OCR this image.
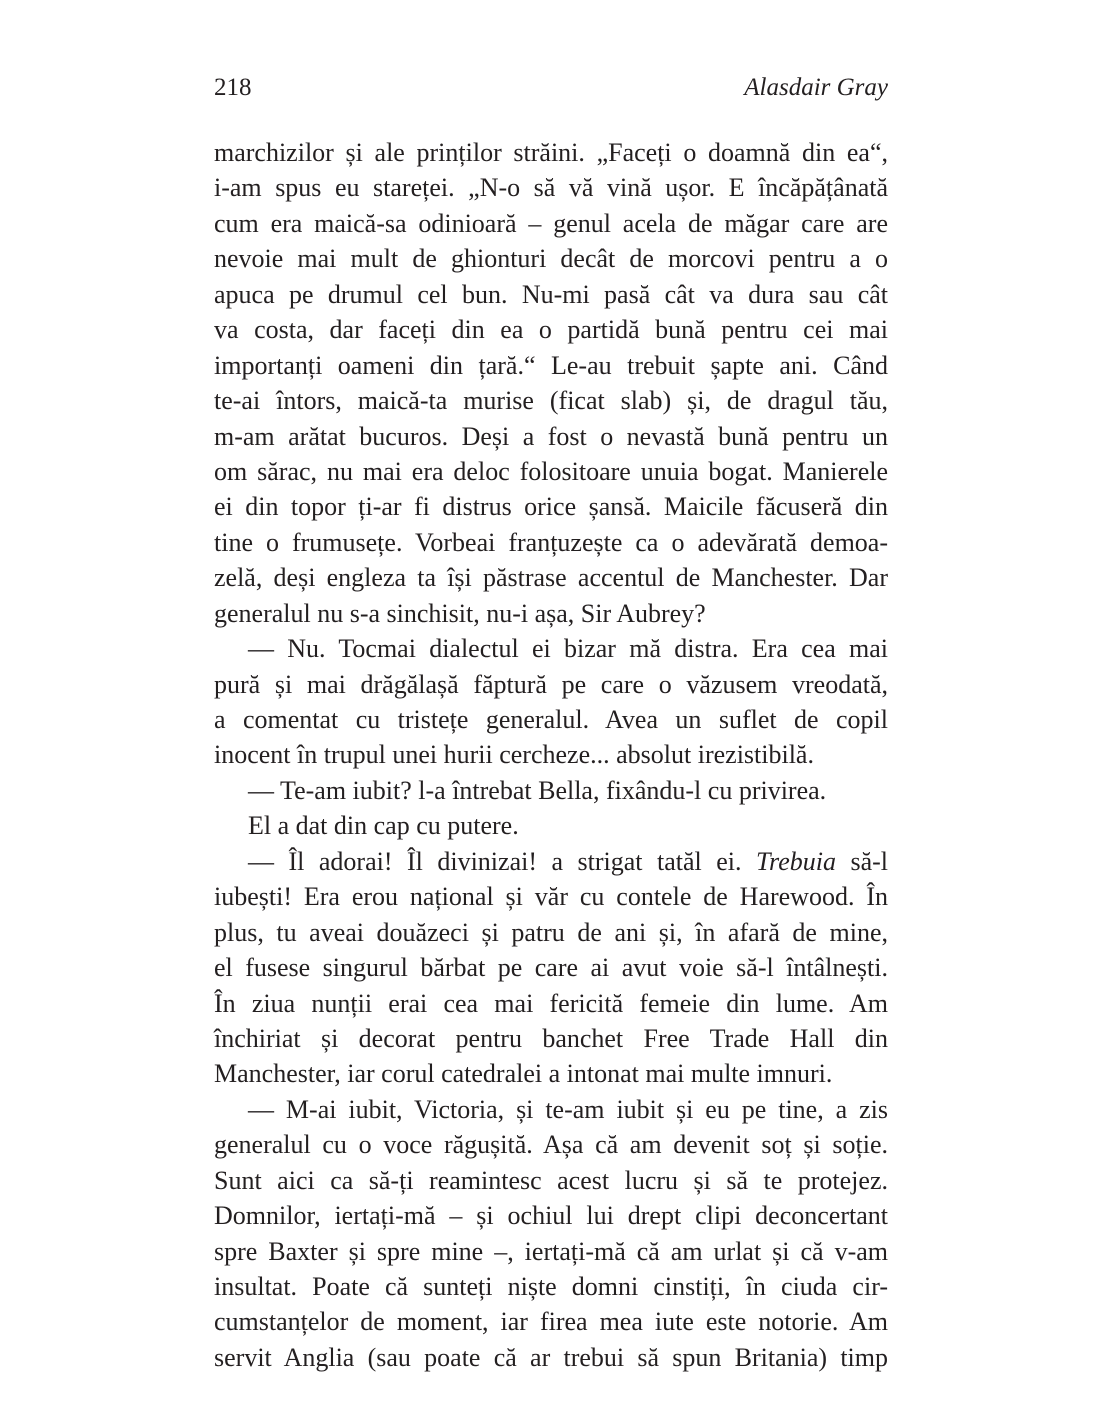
218	Alasdair Gray
marchizilor și ale prinților străini. „Faceți o doamnă din ea“,
i-am spus eu stareței. „N-o să vă vină ușor. E încăpățânată
cum era maică-sa odinioară – genul acela de măgar care are
nevoie mai mult de ghionturi decât de morcovi pentru a o
apuca pe drumul cel bun. Nu-mi pasă cât va dura sau cât
va costa, dar faceți din ea o partidă bună pentru cei mai
importanți oameni din țară.“ Le-au trebuit șapte ani. Când
te-ai întors, maică-ta murise (ficat slab) și, de dragul tău,
m-am arătat bucuros. Deși a fost o nevastă bună pentru un
om sărac, nu mai era deloc folositoare unuia bogat. Manierele
ei din topor ți-ar fi distrus orice șansă. Maicile făcuseră din
tine o frumusețe. Vorbeai franțuzește ca o adevărată demoa-
zelă, deși engleza ta își păstrase accentul de Manchester. Dar
generalul nu s-a sinchisit, nu-i așa, Sir Aubrey?
— Nu. Tocmai dialectul ei bizar mă distra. Era cea mai
pură și mai drăgălașă făptură pe care o văzusem vreodată,
a comentat cu tristețe generalul. Avea un suflet de copil
inocent în trupul unei hurii cercheze... absolut irezistibilă.
— Te-am iubit? l-a întrebat Bella, fixându-l cu privirea.
El a dat din cap cu putere.
— Îl adorai! Îl divinizai! a strigat tatăl ei. Trebuia să-l
iubești! Era erou național și văr cu contele de Harewood. În
plus, tu aveai douăzeci și patru de ani și, în afară de mine,
el fusese singurul bărbat pe care ai avut voie să-l întâlnești.
În ziua nunții erai cea mai fericită femeie din lume. Am
închiriat și decorat pentru banchet Free Trade Hall din
Manchester, iar corul catedralei a intonat mai multe imnuri.
— M-ai iubit, Victoria, și te-am iubit și eu pe tine, a zis
generalul cu o voce răgușită. Așa că am devenit soț și soție.
Sunt aici ca să-ți reamintesc acest lucru și să te protejez.
Domnilor, iertați-mă – și ochiul lui drept clipi deconcertant
spre Baxter și spre mine –, iertați-mă că am urlat și că v-am
insultat. Poate că sunteți niște domni cinstiți, în ciuda cir-
cumstanțelor de moment, iar firea mea iute este notorie. Am
servit Anglia (sau poate că ar trebui să spun Britania) timp
